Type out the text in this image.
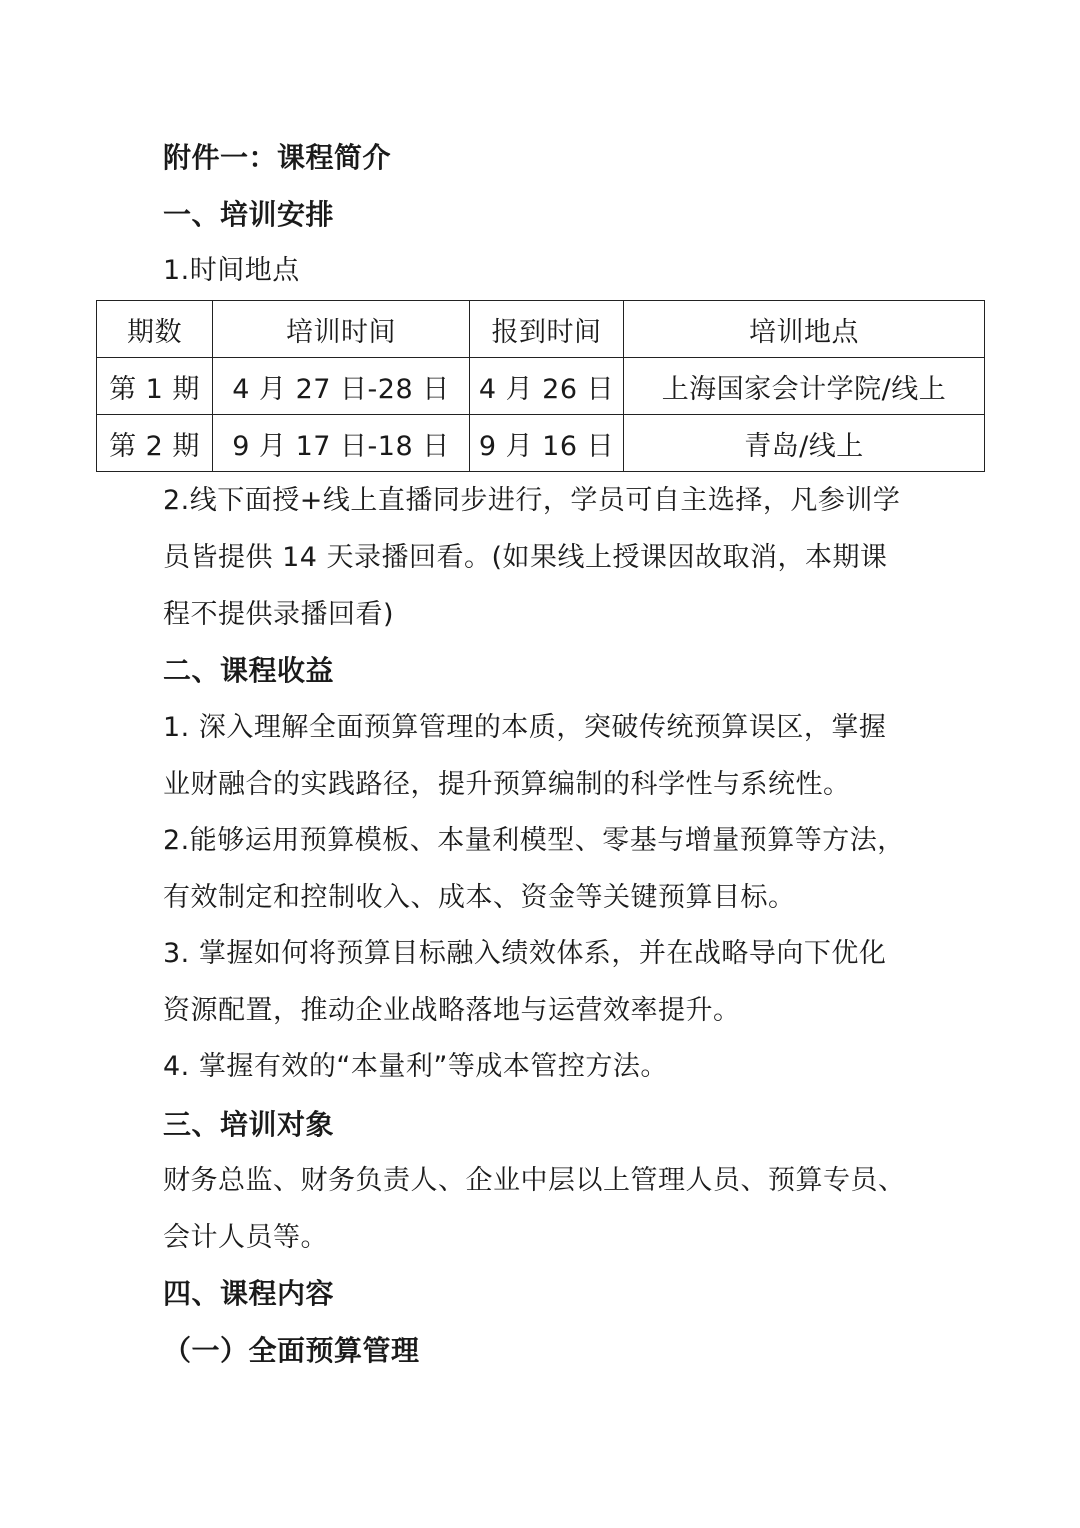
附件一：课程简介
一、培训安排
1.时间地点
期数	培训时间	报到时间	培训地点
第 1 期	4 月 27 日-28 日	4 月 26 日	上海国家会计学院/线上
第 2 期	9 月 17 日-18 日	9 月 16 日	青岛/线上
2.线下面授+线上直播同步进行，学员可自主选择，凡参训学
员皆提供 14 天录播回看。(如果线上授课因故取消，本期课
程不提供录播回看)
二、课程收益
1. 深入理解全面预算管理的本质，突破传统预算误区，掌握
业财融合的实践路径，提升预算编制的科学性与系统性。
2.能够运用预算模板、本量利模型、零基与增量预算等方法，
有效制定和控制收入、成本、资金等关键预算目标。
3. 掌握如何将预算目标融入绩效体系，并在战略导向下优化
资源配置，推动企业战略落地与运营效率提升。
4. 掌握有效的“本量利”等成本管控方法。
三、培训对象
财务总监、财务负责人、企业中层以上管理人员、预算专员、
会计人员等。
四、课程内容
（一）全面预算管理
